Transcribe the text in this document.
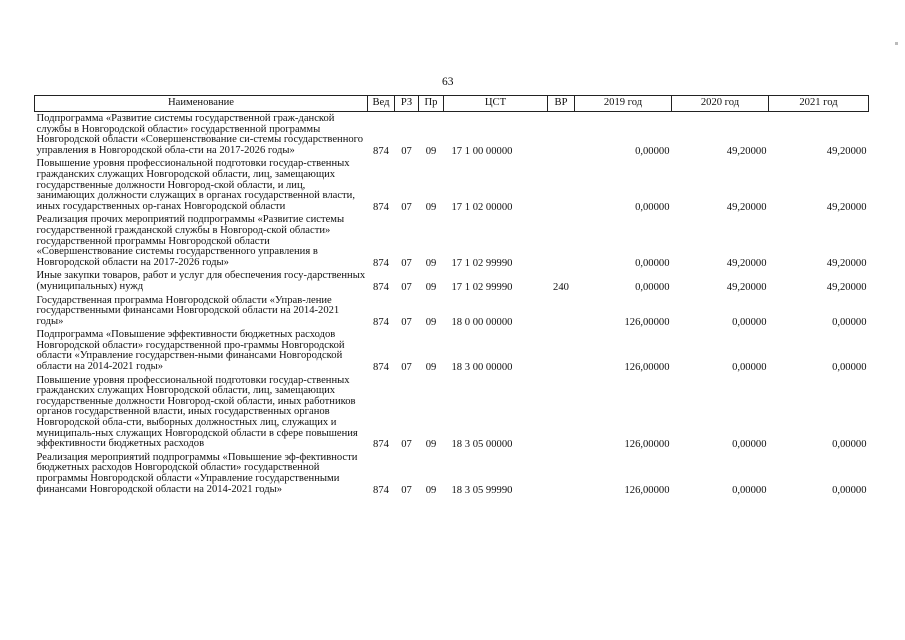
63
Наименование	Вед	РЗ	Пр	ЦСТ	ВР	2019 год	2020 год	2021 год
Подпрограмма «Развитие системы государственной граж-данской службы в Новгородской области» государственной программы Новгородской области «Совершенствование си-стемы государственного управления в Новгородской обла-сти на 2017-2026 годы»	874	07	09	17 1 00 00000		0,00000	49,20000	49,20000
Повышение уровня профессиональной подготовки государ-ственных гражданских служащих Новгородской области, лиц, замещающих государственные должности Новгород-ской области, и лиц, занимающих должности служащих в органах государственной власти, иных государственных ор-ганах Новгородской области	874	07	09	17 1 02 00000		0,00000	49,20000	49,20000
Реализация прочих мероприятий подпрограммы «Развитие системы государственной гражданской службы в Новгород-ской области» государственной программы Новгородской области «Совершенствование системы государственного управления в Новгородской области на 2017-2026 годы»	874	07	09	17 1 02 99990		0,00000	49,20000	49,20000
Иные закупки товаров, работ и услуг для обеспечения госу-дарственных (муниципальных) нужд	874	07	09	17 1 02 99990	240	0,00000	49,20000	49,20000
Государственная программа Новгородской области «Управ-ление государственными финансами Новгородской области на 2014-2021 годы»	874	07	09	18 0 00 00000		126,00000	0,00000	0,00000
Подпрограмма «Повышение эффективности бюджетных расходов Новгородской области» государственной про-граммы Новгородской области «Управление государствен-ными финансами Новгородской области на 2014-2021 годы»	874	07	09	18 3 00 00000		126,00000	0,00000	0,00000
Повышение уровня профессиональной подготовки государ-ственных гражданских служащих Новгородской области, лиц, замещающих государственные должности Новгород-ской области, иных работников органов государственной власти, иных государственных органов Новгородской обла-сти, выборных должностных лиц, служащих и муниципаль-ных служащих Новгородской области в сфере повышения эффективности бюджетных расходов	874	07	09	18 3 05 00000		126,00000	0,00000	0,00000
Реализация мероприятий подпрограммы «Повышение эф-фективности бюджетных расходов Новгородской области» государственной программы Новгородской области «Управление государственными финансами Новгородской области на 2014-2021 годы»	874	07	09	18 3 05 99990		126,00000	0,00000	0,00000
